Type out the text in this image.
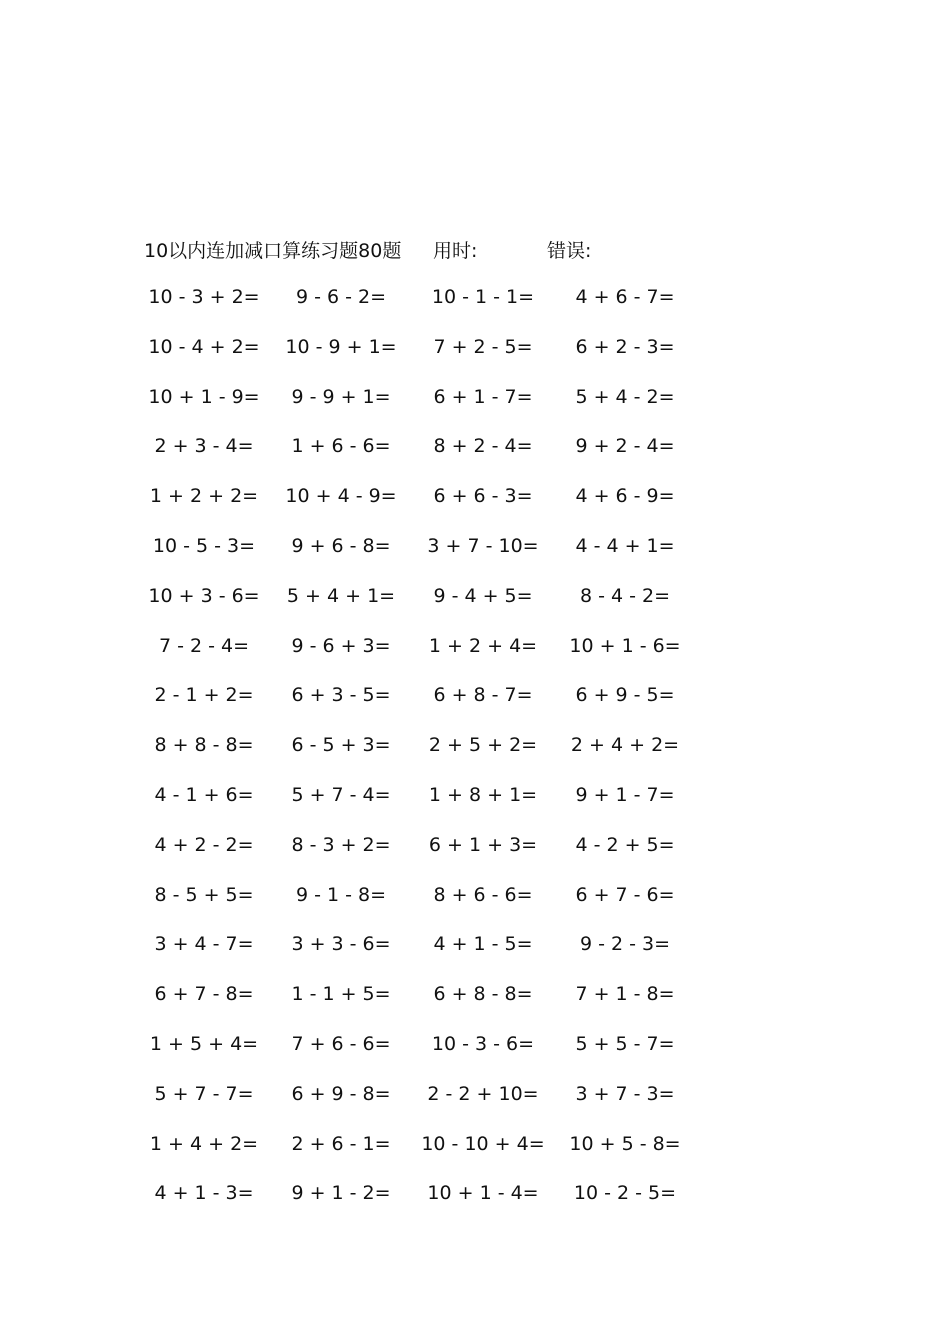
10以内连加减口算练习题80题 用时:	错误:
10 - 3 + 2=	9 - 6 - 2=	10 - 1 - 1=	4 + 6 - 7=
10 - 4 + 2=	10 - 9 + 1=	7 + 2 - 5=	6 + 2 - 3=
10 + 1 - 9=	9 - 9 + 1=	6 + 1 - 7=	5 + 4 - 2=
2 + 3 - 4=	1 + 6 - 6=	8 + 2 - 4=	9 + 2 - 4=
1 + 2 + 2=	10 + 4 - 9=	6 + 6 - 3=	4 + 6 - 9=
10 - 5 - 3=	9 + 6 - 8=	3 + 7 - 10=	4 - 4 + 1=
10 + 3 - 6=	5 + 4 + 1=	9 - 4 + 5=	8 - 4 - 2=
7 - 2 - 4=	9 - 6 + 3=	1 + 2 + 4=	10 + 1 - 6=
2 - 1 + 2=	6 + 3 - 5=	6 + 8 - 7=	6 + 9 - 5=
8 + 8 - 8=	6 - 5 + 3=	2 + 5 + 2=	2 + 4 + 2=
4 - 1 + 6=	5 + 7 - 4=	1 + 8 + 1=	9 + 1 - 7=
4 + 2 - 2=	8 - 3 + 2=	6 + 1 + 3=	4 - 2 + 5=
8 - 5 + 5=	9 - 1 - 8=	8 + 6 - 6=	6 + 7 - 6=
3 + 4 - 7=	3 + 3 - 6=	4 + 1 - 5=	9 - 2 - 3=
6 + 7 - 8=	1 - 1 + 5=	6 + 8 - 8=	7 + 1 - 8=
1 + 5 + 4=	7 + 6 - 6=	10 - 3 - 6=	5 + 5 - 7=
5 + 7 - 7=	6 + 9 - 8=	2 - 2 + 10=	3 + 7 - 3=
1 + 4 + 2=	2 + 6 - 1=	10 - 10 + 4=	10 + 5 - 8=
4 + 1 - 3=	9 + 1 - 2=	10 + 1 - 4=	10 - 2 - 5=
